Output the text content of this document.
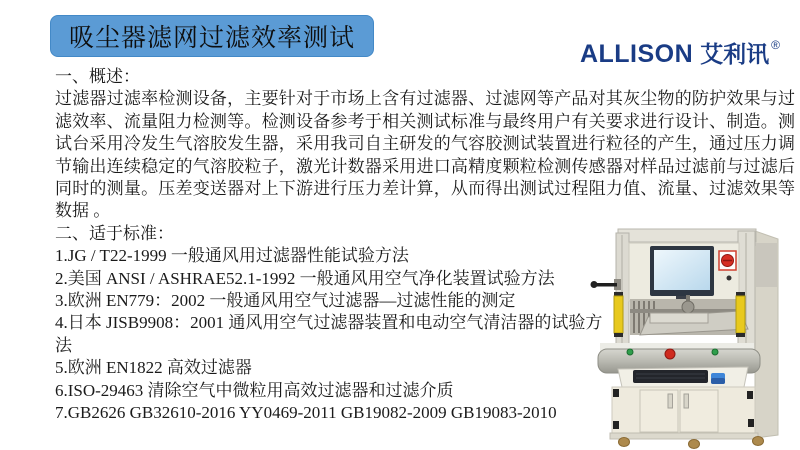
吸尘器滤网过滤效率测试
ALLISON 艾利讯 ®
一、概述：
过滤器过滤率检测设备，主要针对于市场上含有过滤器、过滤网等产品对其灰尘物的防护效果与过滤效率、流量阻力检测等。检测设备参考于相关测试标准与最终用户有关要求进行设计、制造。测试台采用冷发生气溶胶发生器，采用我司自主研发的气容胶测试装置进行粒径的产生，通过压力调节输出连续稳定的气溶胶粒子，激光计数器采用进口高精度颗粒检测传感器对样品过滤前与过滤后同时的测量。压差变送器对上下游进行压力差计算，从而得出测试过程阻力值、流量、过滤效果等数据 。
二、适于标准：
1.JG / T22-1999 一般通风用过滤器性能试验方法
2.美国 ANSI / ASHRAE52.1-1992 一般通风用空气净化装置试验方法
3.欧洲 EN779：2002 一般通风用空气过滤器—过滤性能的测定
4.日本 JISB9908：2001 通风用空气过滤器装置和电动空气清洁器的试验方法
5.欧洲 EN1822 高效过滤器
6.ISO-29463 清除空气中微粒用高效过滤器和过滤介质
7.GB2626 GB32610-2016 YY0469-2011 GB19082-2009 GB19083-2010
